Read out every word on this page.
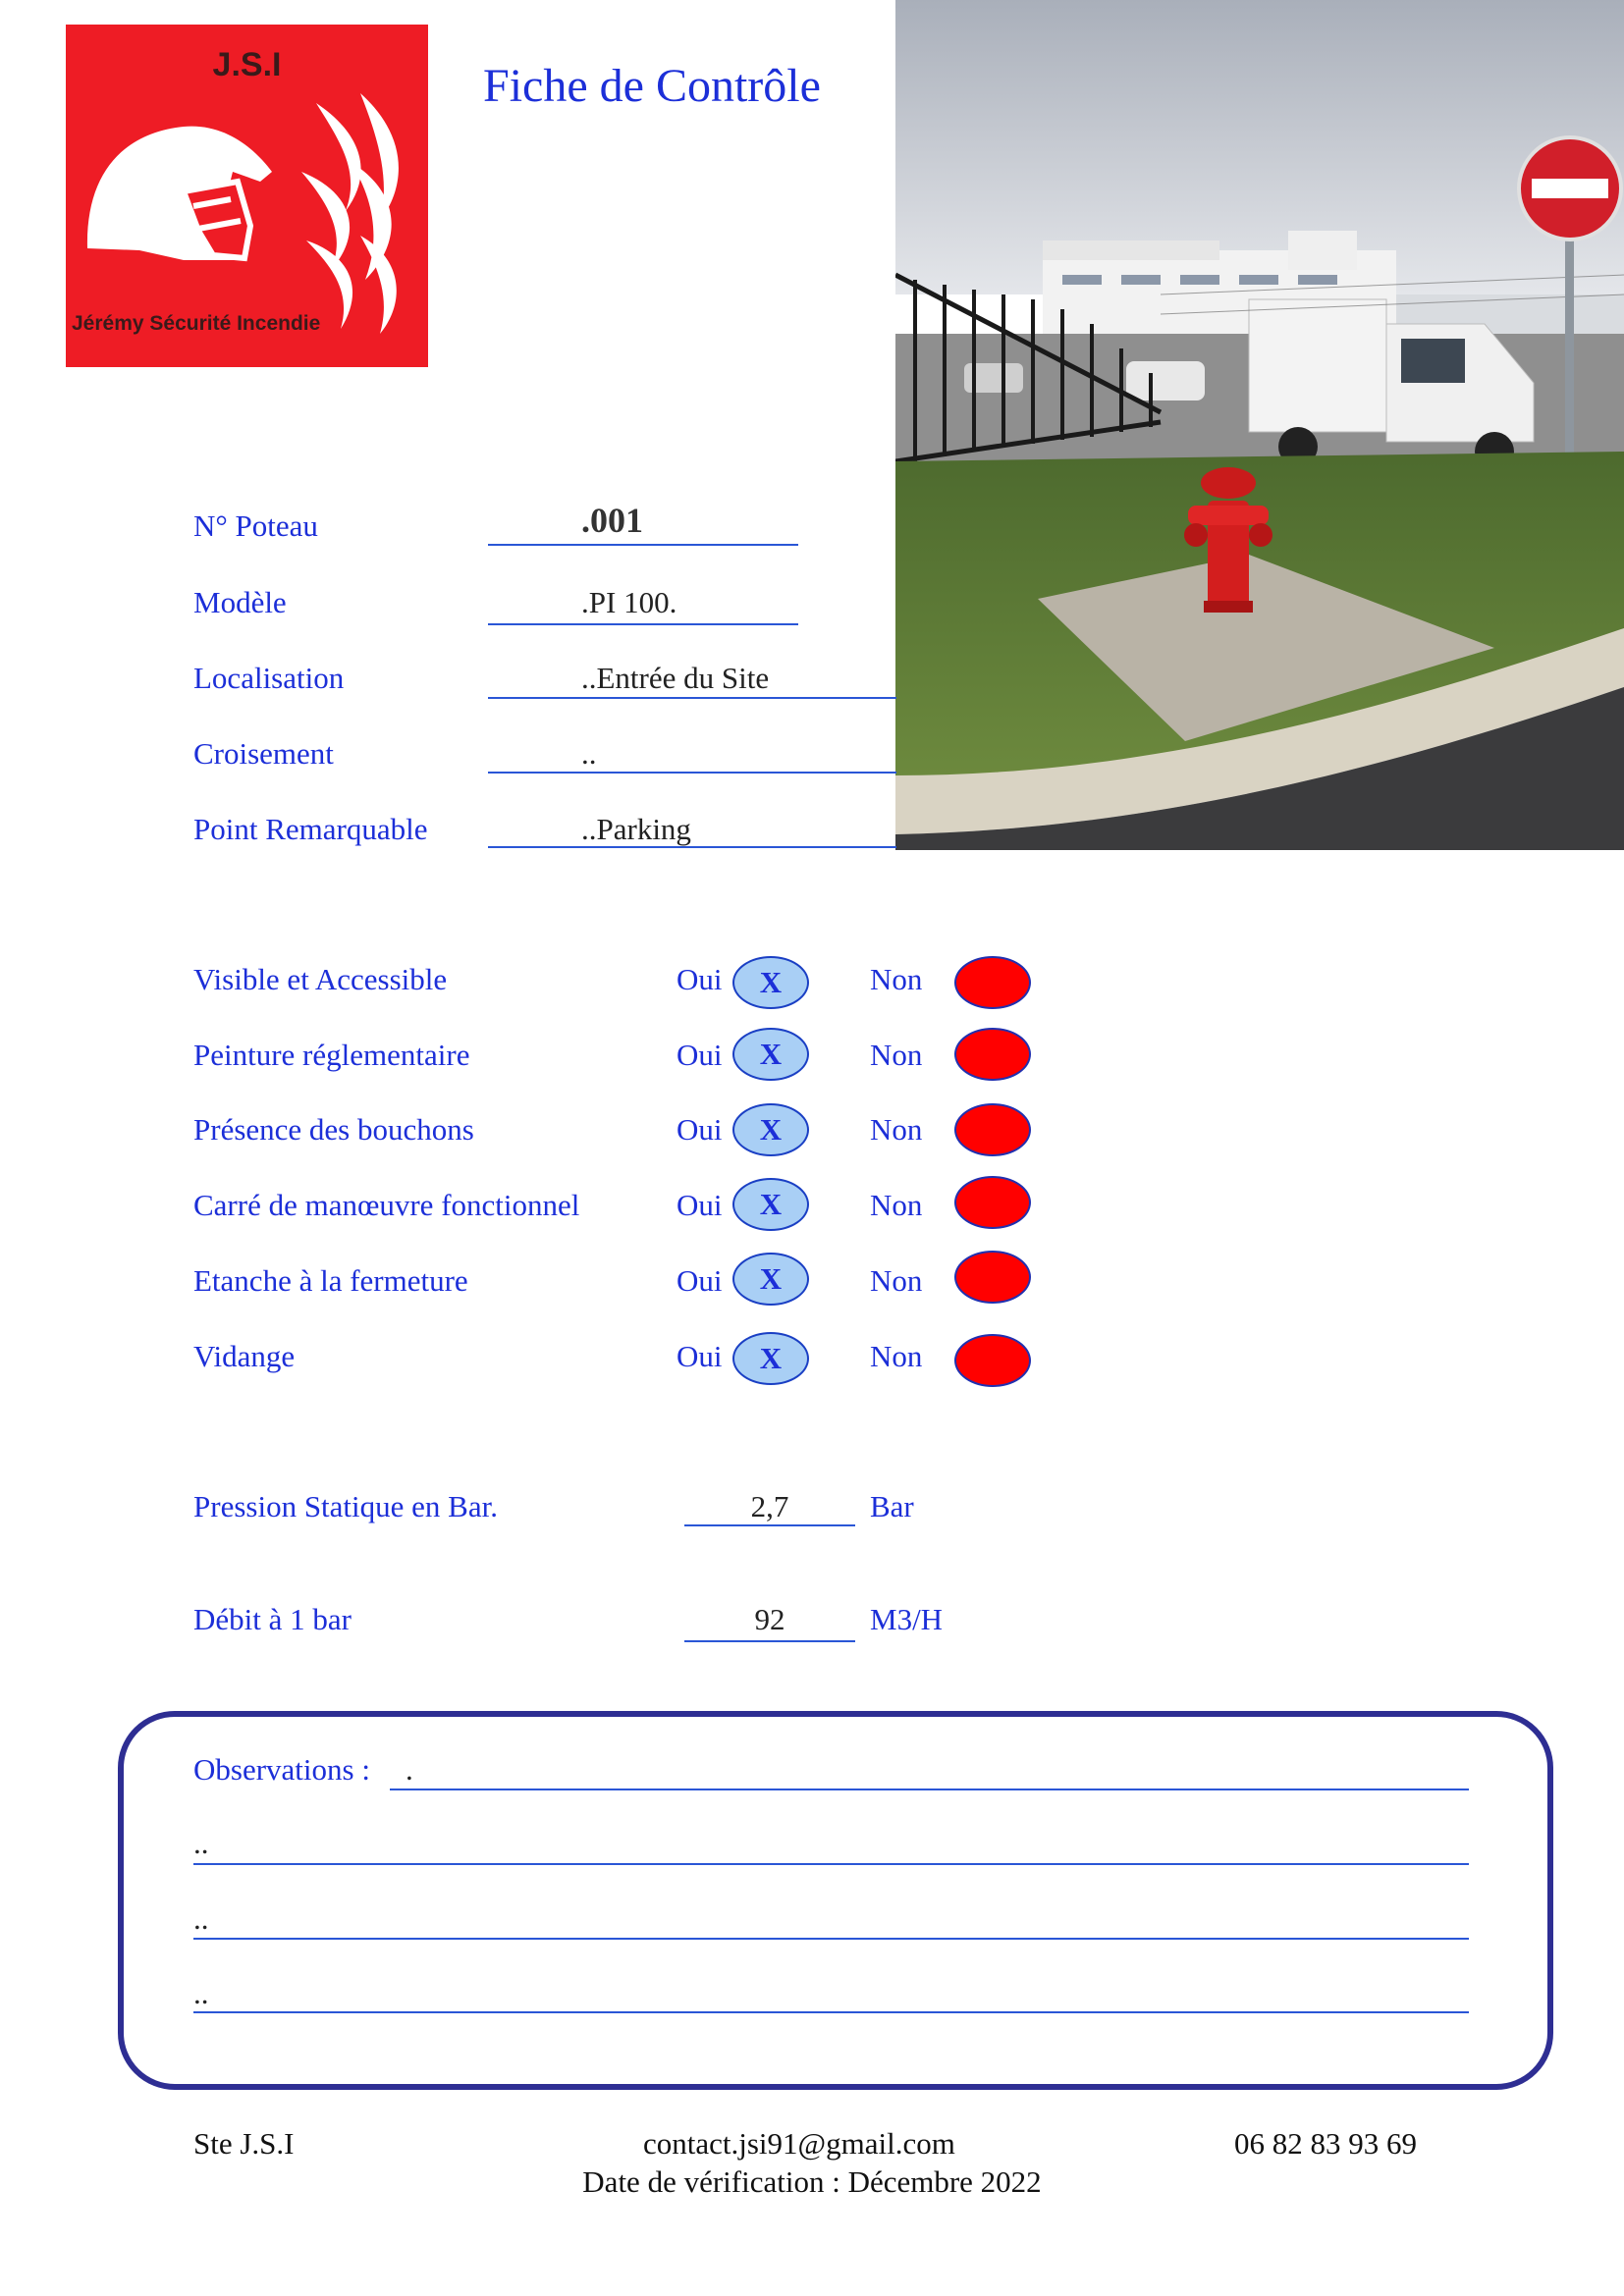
J.S.I
Jérémy Sécurité Incendie
Fiche de Contrôle
N° Poteau	.001
Modèle	.PI 100.
Localisation	..Entrée du Site
Croisement	..
Point Remarquable	..Parking
Visible et Accessible	Oui	X	Non
Peinture réglementaire	Oui	X	Non
Présence des bouchons	Oui	X	Non
Carré de manœuvre fonctionnel	Oui	X	Non
Etanche à la fermeture	Oui	X	Non
Vidange	Oui	X	Non
Pression Statique en Bar.	2,7	Bar
Débit à 1 bar	92	M3/H
Observations : .
..
..
..
Ste J.S.I	contact.jsi91@gmail.com	06 82 83 93 69
Date de vérification : Décembre 2022
